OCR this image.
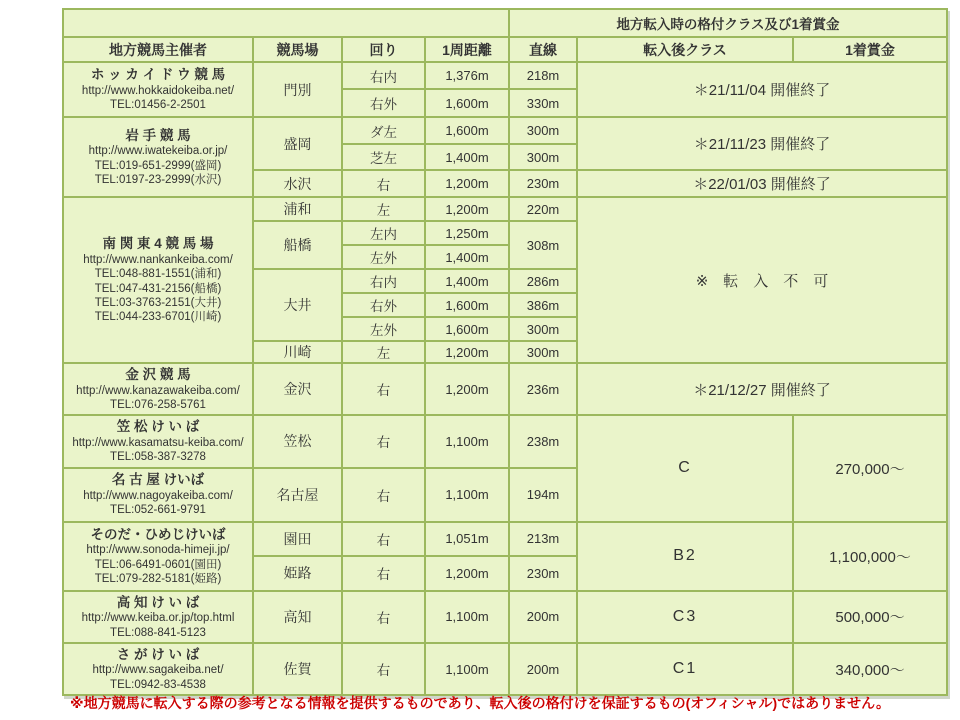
				地方転入時の格付クラス及び1着賞金		
地方競馬主催者	競馬場	回り	1周距離	直線	転入後クラス	1着賞金

ホ ッ カ イ ド ウ 競 馬
http://www.hokkaidokeiba.net/
TEL:01456-2-2501	門別	右内	1,376m	218m	＊21/11/04 開催終了	
		右外	1,600m	330m		

岩 手 競 馬
http://www.iwatekeiba.or.jp/
TEL:019-651-2999(盛岡)
TEL:0197-23-2999(水沢)	盛岡	ダ左	1,600m	300m	＊21/11/23 開催終了	
		芝左	1,400m	300m		
	水沢	右	1,200m	230m	＊22/01/03 開催終了	

南 関 東 4 競 馬 場
http://www.nankankeiba.com/
TEL:048-881-1551(浦和)
TEL:047-431-2156(船橋)
TEL:03-3763-2151(大井)
TEL:044-233-6701(川崎)
	浦和	左	1,200m	220m	※　転　入　不　可
	船橋	左内	1,250m	308m		
		左外	1,400m			
	大井	右内	1,400m	286m		
		右外	1,600m	386m		
		左外	1,600m	300m		
	川崎	左	1,200m	300m		

金 沢 競 馬
http://www.kanazawakeiba.com/
TEL:076-258-5761	金沢	右	1,200m	236m	＊21/12/27 開催終了	

笠 松 け い ば
http://www.kasamatsu-keiba.com/
TEL:058-387-3278	笠松	右	1,100m	238m	C	270,000～

名 古 屋 けいば
http://www.nagoyakeiba.com/
TEL:052-661-9791	名古屋	右	1,100m	194m		

そのだ・ひめじけいば
http://www.sonoda-himeji.jp/
TEL:06-6491-0601(園田)
TEL:079-282-5181(姫路)	園田	右	1,051m	213m	B2	1,100,000～
	姫路	右	1,200m	230m		

高 知 け い ば
http://www.keiba.or.jp/top.html
TEL:088-841-5123	高知	右	1,100m	200m	C3	500,000～

さ が け い ば
http://www.sagakeiba.net/
TEL:0942-83-4538	佐賀	右	1,100m	200m	C1	340,000～
※地方競馬に転入する際の参考となる情報を提供するものであり、転入後の格付けを保証するもの(オフィシャル)ではありません。
